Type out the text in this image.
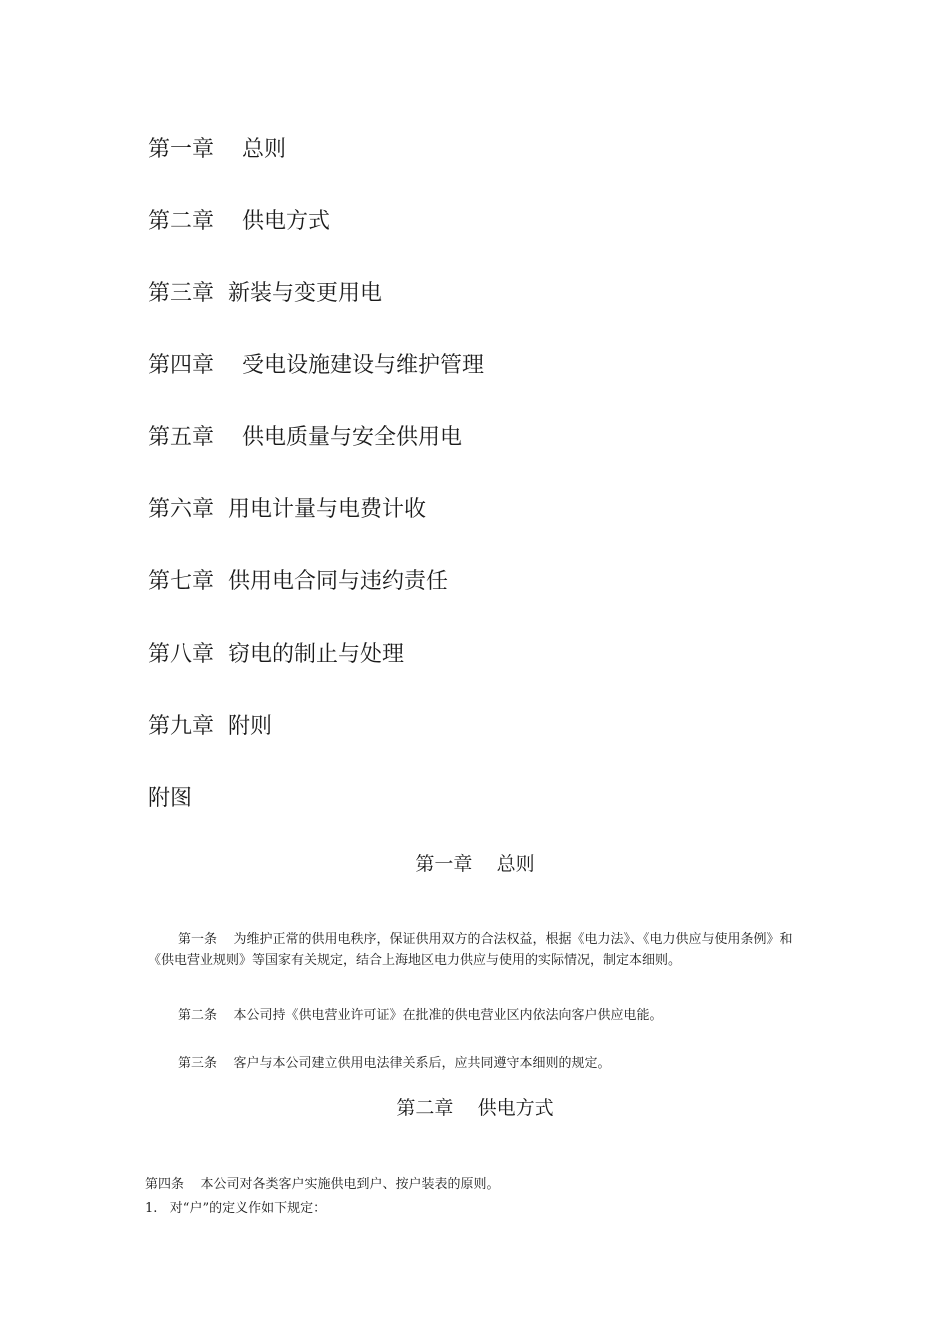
第一章    总则
第二章    供电方式
第三章  新装与变更用电
第四章    受电设施建设与维护管理
第五章    供电质量与安全供用电
第六章  用电计量与电费计收
第七章  供用电合同与违约责任
第八章  窃电的制止与处理
第九章  附则
附图
第一章    总则
第一条    为维护正常的供用电秩序，保证供用双方的合法权益，根据《电力法》、《电力供应与使用条例》和《供电营业规则》等国家有关规定，结合上海地区电力供应与使用的实际情况，制定本细则。
第二条    本公司持《供电营业许可证》在批准的供电营业区内依法向客户供应电能。
第三条    客户与本公司建立供用电法律关系后，应共同遵守本细则的规定。
第二章    供电方式
第四条    本公司对各类客户实施供电到户、按户装表的原则。
1.   对“户”的定义作如下规定：
